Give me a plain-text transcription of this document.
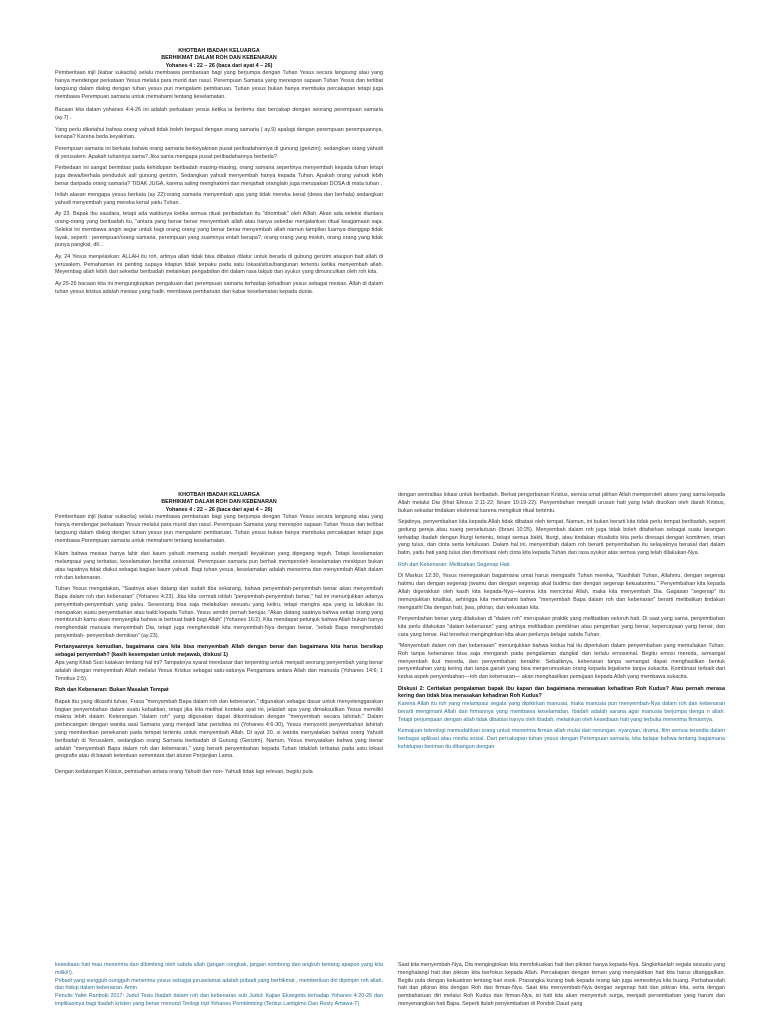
KHOTBAH IBADAH KELUARGA
BERHIKMAT DALAM ROH DAN KEBENARAN
Yohanes 4 : 22 – 26 (baca dari ayat 4 – 26)

Pemberitaan injil (kabar sukacita) selalu membawa pembaruan bagi yang berjumpa dengan Tuhan Yesus secara langsung atau yang hanya mendengar perkataan Yesus melalui para murid dan rasul. Perempuan Samaria yang merespon sapaan Tuhan Yesus dan terlibat langsung dalam dialog dengan tuhan yesus pun mengalami pembaruan. Tuhan yesus bukan hanya membuka percakapan tetapi juga membawa Perempuan samaria untuk memahami tentang keselamatan.

Bacaan kita dalam yohanes 4:4-26 ini adalah perkataan yesus ketika ia bertemu dan bercakap dengan seorang perempuan samaria (ay.7) .

Yang perlu diketahui bahwa orang yahudi tidak boleh bergaul dengan orang samaria ( ay.9) apalagi dengan perempuan perempuannya, kenapa? Karena beda keyakinan.

Perempuan samaria ini berkata bahwa orang samaria berkeyakinan pusat peribadahannya di gunung (gerizim), sedangkan orang yahudi di yerusalem. Apakah tuhannya sama? Jika sama mengapa pusat peribadahannya berbeda?

Perbedaan ini sangat berimbas pada kehidupan beribadah masing-masing, orang samaria sepertinya menyembah kepada tuhan tetapi juga dewa/berhala penduduk asli gunung gerizim. Sedangkan yahudi menyembah hanya kepada Tuhan. Apakah orang yahudi lebih benar daripada orang samaria? TIDAK JUGA, karena saling menghakimi dan menjahati oranglain juga merupakan DOSA di mata tuhan .

Inilah alasan mengapa yesus berkata (ay 22):orang samaria menyembah apa yang tidak mereka kenal (dewa dan berhala) sedangkan yahudi menyembah yang mereka kenal yaitu Tuhan.

Ay 23. Bapak ibu saudara, tetapi ada waktunya ketika semua ritual peribadahan itu "dirombak" oleh Alllah. Akan ada seleksi diantara orang-orang yang beribadah itu, "antara yang benar benar menyembah allah atau hanya sekedar menjalankan ritual keagamaan saja. Seleksi ini membawa angin segar untuk bagi orang orang yang benar benar menyembah allah namun tampilan luarnya dianggap tidak layak, seperti : perempuan/orang samaria, perempuan yang suaminya entah berapa?, orang orang yang miskin, orang orang yang tidak punya pangkat, dll...

Ay. 24 Yesus menjelaskan: ALLAH itu roh, artinya allah tidak bisa dibatasi /diatur untuk berada di gubung gerizim ataupun bait allah di yerusalem. Pemahaman ini penting supaya kitapun tidak terpaku pada satu lokasi/situs/bangunan tertentu ketika menyembah allah. Meyembag allah lebih dari sekedar beribadah melainkan pengabdian diri dalam rasa takjub dan syukur yang dimunculkan oleh roh kita.

Ay 25-26 bacaan kita ini mengungkapkan pengakuan dari perempuan samaria terhadap kehadiran yesus sebagai mesias. Allah di dalam tuhan yesus kristus adalah mesias yang hadir, membawa pembaruan dan kabar keselamatan kepada dunia.

KHOTBAH IBADAH KELUARGA
BERHIKMAT DALAM ROH DAN KEBENARAN
Yohanes 4 : 22 – 26 (baca dari ayat 4 – 26)

Pemberitaan injil (kabar sukacita) selalu membawa pembaruan bagi yang berjumpa dengan Tuhan Yesus secara langsung atau yang hanya mendengar perkataan Yesus melalui para murid dan rasul. Perempuan Samaria yang merespon sapaan Tuhan Yesus dan terlibat langsung dalam dialog dengan tuhan yesus pun mengalami pembaruan. Tuhan yesus bukan hanya membuka percakapan tetapi juga membawa Perempuan samaria untuk memahami tentang keselamatan.

Klaim bahwa mesias hanya lahir dari kaum yahudi memang sudah menjadi keyakinan yang dipegang teguh. Tetapi keselamatan melampaui yang terbatas, keselamatan bersifat universal. Perempuan samaria pun berhak memperoleh keselamatan meskipun bukan atau tapatnya tidak diakui sebagai bagian kaum yahudi. Bagi tuhan yesus, keselamatan adalah menerima dan menyembah Allah dalam roh dan kebenaran.

Tuhan Yesus mengatakan, "Saatnya akan datang dan sudah tiba sekarang, bahwa penyembah-penyembah benar akan menyembah Bapa dalam roh dan kebenaran" (Yohanes 4:23). Jika kita cermati istilah "penyembah-penyembah benar," hal ini menunjukkan adanya penyembah-penyembah yang palsu. Seseorang bisa saja melakukan sesuatu yang keliru, tetapi mengira apa yang ia lakukan itu merupakan suatu penyembahan atau bakti kepada Tuhan. Yesus sendiri pernah berujar, "Akan datang saatnya bahwa setiap orang yang membunuh kamu akan menyangka bahwa ia berbuat bakti bagi Allah" (Yohanes 16:2). Kita mendapat petunjuk bahwa Allah bukan hanya menghendaki manusia menyembah Dia, tetapi juga menghendaki kita menyembah-Nya dengan benar, "sebab Bapa menghendaki penyembah- penyembah demikian" (ay.23).

Pertanyaannya kemudian, bagaimana cara kita bisa menyembah Allah dengan benar dan bagaimana kita harus bersikap sebagai penyembah? (kasih kesempatan untuk mejawab, diskusi 1)

Apa yang Kitab Suci katakan tentang hal ini? Tampaknya syarat mendasar dan terpenting untuk menjadi seorang penyembah yang benar adalah dengan menyembah Allah melalui Yesus Kristus sebagai satu-satunya Pengantara antara Allah dan manusia (Yohanes 14:6; 1 Timotius 2:5).

Roh dan Kebenaran: Bukan Masalah Tempat

Bapak ibu yang dikasihi tuhan, Frasa "menyembah Bapa dalam roh dan kebenaran," digunakan sebagai dasar untuk menyelenggarakan bagian penyembahan dalam suatu kebaktian, tetapi jika kita melihat konteks ayat ini, jelaslah apa yang dimaksudkan Yesus memiliki makna lebih dalam. Keterangan "dalam roh" yang digunakan dapat dikontraskan dengan "menyembah secara lahiriah." Dalam perbincangan dengan wanita asal Samaria yang menjadi latar peristiwa ini (Yohanes 4:6-30), Yesus menyoroti penyembahan lahiriah yang memberikan penekanan pada tempat tertentu untuk menyembah Allah. Di ayat 20, si wanita menyatakan bahwa orang Yahudi beribadah di Yerusalem, sedangkan orang Samaria beribadah di Gunung (Gerizim). Namun, Yesus menyatakan bahwa yang benar adalah "menyembah Bapa dalam roh dan kebenaran," yang berarti penyembahan kepada Tuhan tidaklah terbatas pada satu lokasi geografis atau di bawah ketentuan sementara dari aturan Perjanjian Lama.

Dengan kedatangan Kristus, pemisahan antara orang Yahudi dan non- Yahudi tidak lagi relevan, begitu pula

dengan sentralitas lokasi untuk beribadah. Berkat pengorbanan Kristus, semua umat pilihan Allah memperoleh akses yang sama kepada Allah melalui Dia (lihat Efesus 2:11-22; Ibrani 10:19-22). Penyembahan menjadi urusan hati yang telah diucikan oleh darah Kristus, bukan sekadar tindakan eksternal karena mengikuti ritual tertentu.

Sejatinya, penyembahan kita kepada Allah tidak dibatasi oleh tempat. Namun, ini bukan berarti kita tidak perlu tempat beribadah, seperti gedung gereja atau ruang persekutuan (Ibrani 10:25). Menyembah dalam roh juga tidak boleh ditafsirkan sebagai suatu larangan terhadap ibadah dengan liturgi tertentu, tetapi semua bakti, liturgi, atau tindakan ritualistis kita perlu diresapi dengan komitmen, iman yang tulus, dan cinta serta ketulusan. Dalam hal ini, menyembah dalam roh berarti penyembahan itu selayaknya berasal dari dalam batin, yaitu hati yang tulus dan dimotivasi oleh cinta kita kepada Tuhan dan rasa syukur atas semua yang telah dilakukan-Nya.

Roh dan Kebenaran: Melibatkan Segenap Hati

Di Markus 12:30, Yesus menegaskan bagaimana umat harus mengasihi Tuhan mereka, "Kasihilah Tuhan, Allahmu, dengan segenap hatimu dan dengan segenap jiwamu dan dengan segenap akal budimu dan dengan segenap kekuatanmu." Penyembahan kita kepada Allah digerakkan oleh kasih kita kepada-Nya—karena kita mencintai Allah, maka kita menyembah Dia. Gagasan "segenap" itu menunjukkan totalitas, sehingga kita memahami bahwa "menyembah Bapa dalam roh dan kebenaran" berarti melibatkan tindakan mengasihi Dia dengan hati, jiwa, pikiran, dan kekuatan kita.

Penyembahan benar yang dilakukan di "dalam roh" merupakan praktik yang melibatkan seluruh hati. Di saat yang sama, penyembahan kita perlu dilakukan "dalam kebenaran" yang artinya melibatkan pemikiran atau pengertian yang benar, kepercayaan yang benar, dan cara yang benar. Hal tersebut menginginkan kita akan perlunya belajar sabda Tuhan.

"Menyembah dalam roh dan kebenaran" menunjukkan bahwa kedua hal itu diperlukan dalam penyembahan yang memuliakan Tuhan. Roh tanpa kebenaran bisa saja mengarah pada pengalaman dangkal dan terlalu emosional. Begitu emosi mereda, semangat menyembah ikut mereda, dan penyembahan berakhir. Sebaliknya, kebenaran tanpa semangat dapat menghasilkan bentuk penyembahan yang kering dan tanpa gairah yang bisa menjerumuskan orang kepada legalisme tanpa sukacita. Kombinasi terbaik dari kedua aspek penyembahan—roh dan kebenaran— akan menghasilkan pemujaan kepada Allah yang membawa sukacita.

Diskusi 2: Ceritakan pengalaman bapak ibu kapan dan bagaimana merasakan kehadiran Roh Kudus? Atau pernah merasa kering dan tidak bisa merasakan kehadiran Roh Kudus?

Karena Allah itu roh yang melampaui segala yang dipikirkan manusia, maka manusia pun menyembah-Nya dalam roh dan kebenaran berarti mengimani Allah dan firmannya yang membawa keselamatan. Ibadah adalah sarana agar manusia berjumpa denga n allah. Tetapi perjumpaan dengan allah tidak dibatasi hanya oleh ibadah, melainkan oleh kesediaan hati yang terbuka menerima firmannya.

Kemajuan teknologi memudahkan orang untuk menerima firman allah mulai dari renungan, nyanyian, drama, film semua tersedia dalam berbagai aplikasi atau media sosial. Dari percakapan tuhan yesus dengan Perempuan samaria, kita belajar bahwa tentang bagaimana kehidupan beriman itu dibangun dengan

kesediaan hati mau menerima dan dibimbing oleh sabda allah (jangan congkak, jangan sombong dan angkuh tentang apapun yang kita miliki!!).

Pribadi yang sungguh-sungguh menerima yesus sebagai juruselamat adalah pribadi yang berhikmat , memberikan diri dipimpin roh allah, dan hidup dalam kebenaran. Amin

Penulis Yafet Ranboki 2017: Judul Tesis Ibadah dalam roh dan kebenaran sub Judul: Kajian Eksegetis terhadap Yohanes 4:20-26 dan implikasinya bagi ibadah kristen yang benar menurut Teologi Injil Yohanes Pembimbing (Tertius Lantigimo Dan Resty Amawa-T)

Saat kita menyembah-Nya, Dia menginginkan kita memfokuskan hati dan pikiran hanya kepada-Nya. Singkirkanlah segala sesuatu yang menghalangi hati dan pikiran kita berfokus kepada Allah. Percakapan dengan teman yang menyakitkan hati kita harus ditanggalkan. Begitu pula dengan kekuatiran tentang hari esok. Prasangka kurang baik kepada orang lain juga semestinya kita buang. Perbaharuilah hati dan pikiran kita dengan Roh dan firman-Nya. Saat kita menyembah-Nya dengan segenap hati dan pikiran kita, serta dengan pembaharuan diri melalui Roh Kudus dan firman-Nya, isi hati kita akan menyentuh surga, menjadi persembahan yang harum dan menyenangkan hati Bapa. Seperti itulah penyembahan di Pondok Daud yang
